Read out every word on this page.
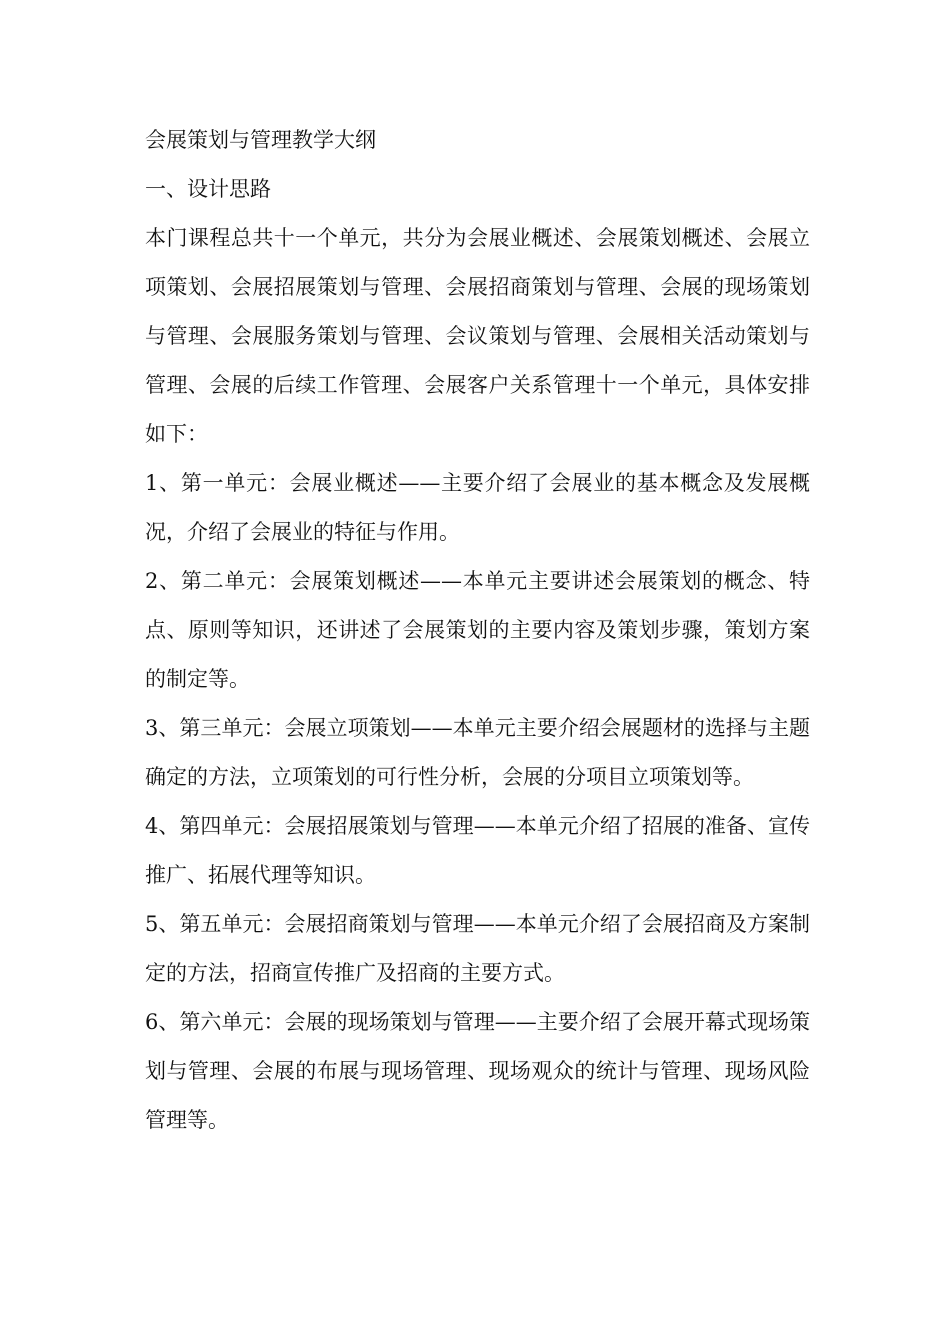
会展策划与管理教学大纲

一、设计思路

本门课程总共十一个单元，共分为会展业概述、会展策划概述、会展立项策划、会展招展策划与管理、会展招商策划与管理、会展的现场策划与管理、会展服务策划与管理、会议策划与管理、会展相关活动策划与管理、会展的后续工作管理、会展客户关系管理十一个单元，具体安排如下：

1、第一单元：会展业概述——主要介绍了会展业的基本概念及发展概况，介绍了会展业的特征与作用。

2、第二单元：会展策划概述——本单元主要讲述会展策划的概念、特点、原则等知识，还讲述了会展策划的主要内容及策划步骤，策划方案的制定等。

3、第三单元：会展立项策划——本单元主要介绍会展题材的选择与主题确定的方法，立项策划的可行性分析，会展的分项目立项策划等。

4、第四单元：会展招展策划与管理——本单元介绍了招展的准备、宣传推广、拓展代理等知识。

5、第五单元：会展招商策划与管理——本单元介绍了会展招商及方案制定的方法，招商宣传推广及招商的主要方式。

6、第六单元：会展的现场策划与管理——主要介绍了会展开幕式现场策划与管理、会展的布展与现场管理、现场观众的统计与管理、现场风险管理等。
